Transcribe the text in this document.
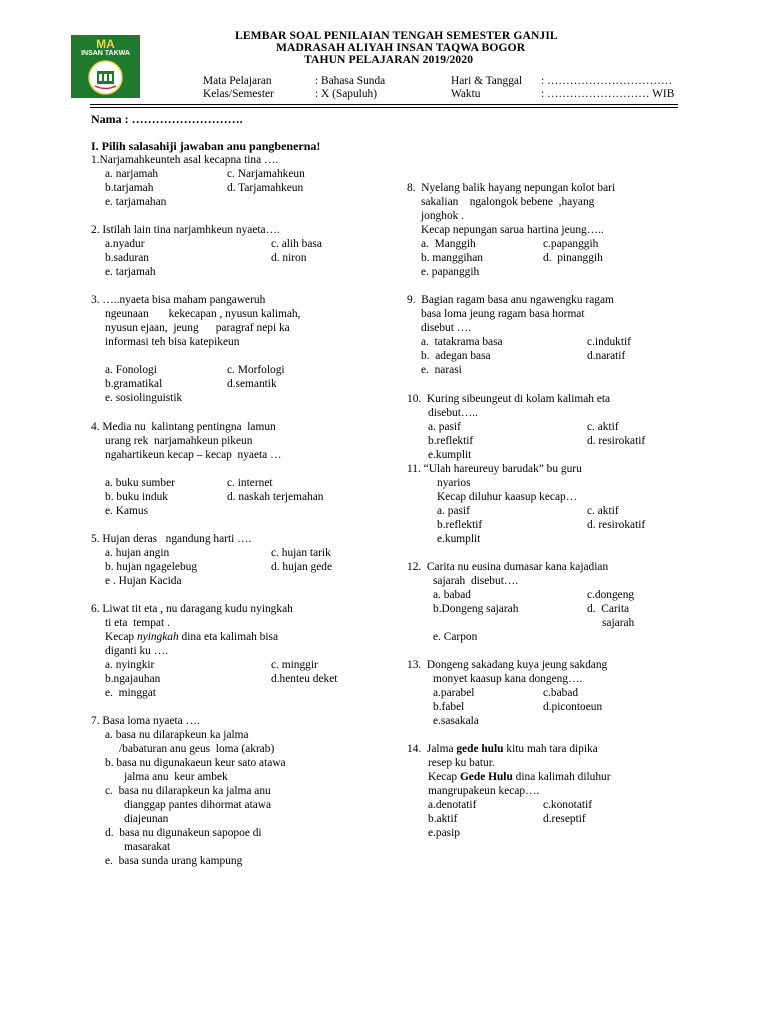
MA
INSAN TAKWA
LEMBAR SOAL PENILAIAN TENGAH SEMESTER GANJIL
MADRASAH ALIYAH INSAN TAQWA BOGOR
TAHUN PELAJARAN 2019/2020
Mata Pelajaran	: Bahasa Sunda	Hari & Tanggal : ……………………………
Kelas/Semester	: X (Sapuluh)	Waktu	: ……………………… WIB
Nama : ……………………….
I. Pilih salasahiji jawaban anu pangbenerna!
1.Narjamahkeunteh asal kecapna tina ….
a. narjamah	c. Narjamahkeun
b.tarjamah	d. Tarjamahkeun
e. tarjamahan
2. Istilah lain tina narjamhkeun nyaeta….
a.nyadur	c. alih basa
b.saduran	d. niron
e. tarjamah
3. …..nyaeta bisa maham pangaweruh
ngeunaan       kekecapan , nyusun kalimah,
nyusun ejaan,  jeung      paragraf nepi ka
informasi teh bisa katepikeun
a. Fonologi	c. Morfologi
b.gramatikal	d.semantik
e. sosiolinguistik
4. Media nu  kalintang pentingna  lamun
urang rek  narjamahkeun pikeun
ngahartikeun kecap – kecap  nyaeta …
a. buku sumber	c. internet
b. buku induk	d. naskah terjemahan
e. Kamus
5. Hujan deras   ngandung harti ….
a. hujan angin	c. hujan tarik
b. hujan ngagelebug	d. hujan gede
e . Hujan Kacida
6. Liwat tit eta , nu daragang kudu nyingkah
ti eta  tempat .
Kecap nyingkah dina eta kalimah bisa
diganti ku ….
a. nyingkir	c. minggir
b.ngajauhan	d.henteu deket
e.  minggat
7. Basa loma nyaeta ….
a. basa nu dilarapkeun ka jalma
/babaturan anu geus  loma (akrab)
b. basa nu digunakaeun keur sato atawa
jalma anu  keur ambek
c.  basa nu dilarapkeun ka jalma anu
dianggap pantes dihormat atawa
diajeunan
d.  basa nu digunakeun sapopoe di
masarakat
e.  basa sunda urang kampung
8.  Nyelang balik hayang nepungan kolot bari
sakalian    ngalongok bebene  ,hayang
jonghok .
Kecap nepungan sarua hartina jeung…..
a.  Manggih	c.papanggih
b. manggihan	d.  pinanggih
e. papanggih
9.  Bagian ragam basa anu ngawengku ragam
basa loma jeung ragam basa hormat
disebut ….
a.  tatakrama basa	c.induktif
b.  adegan basa	d.naratif
e.  narasi
10.  Kuring sibeungeut di kolam kalimah eta
disebut…..
a. pasif	c. aktif
b.reflektif	d. resirokatif
e.kumplit
11. “Ulah hareureuy barudak” bu guru
nyarios
Kecap diluhur kaasup kecap…
a. pasif	c. aktif
b.reflektif	d. resirokatif
e.kumplit
12.  Carita nu eusina dumasar kana kajadian
sajarah  disebut….
a. babad	c.dongeng
b.Dongeng sajarah	d.  Carita
sajarah
e. Carpon
13.  Dongeng sakadang kuya jeung sakdang
monyet kaasup kana dongeng….
a.parabel	c.babad
b.fabel	d.picontoeun
e.sasakala
14.  Jalma gede hulu kitu mah tara dipika
resep ku batur.
Kecap Gede Hulu dina kalimah diluhur
mangrupakeun kecap….
a.denotatif	c.konotatif
b.aktif	d.reseptif
e.pasip
